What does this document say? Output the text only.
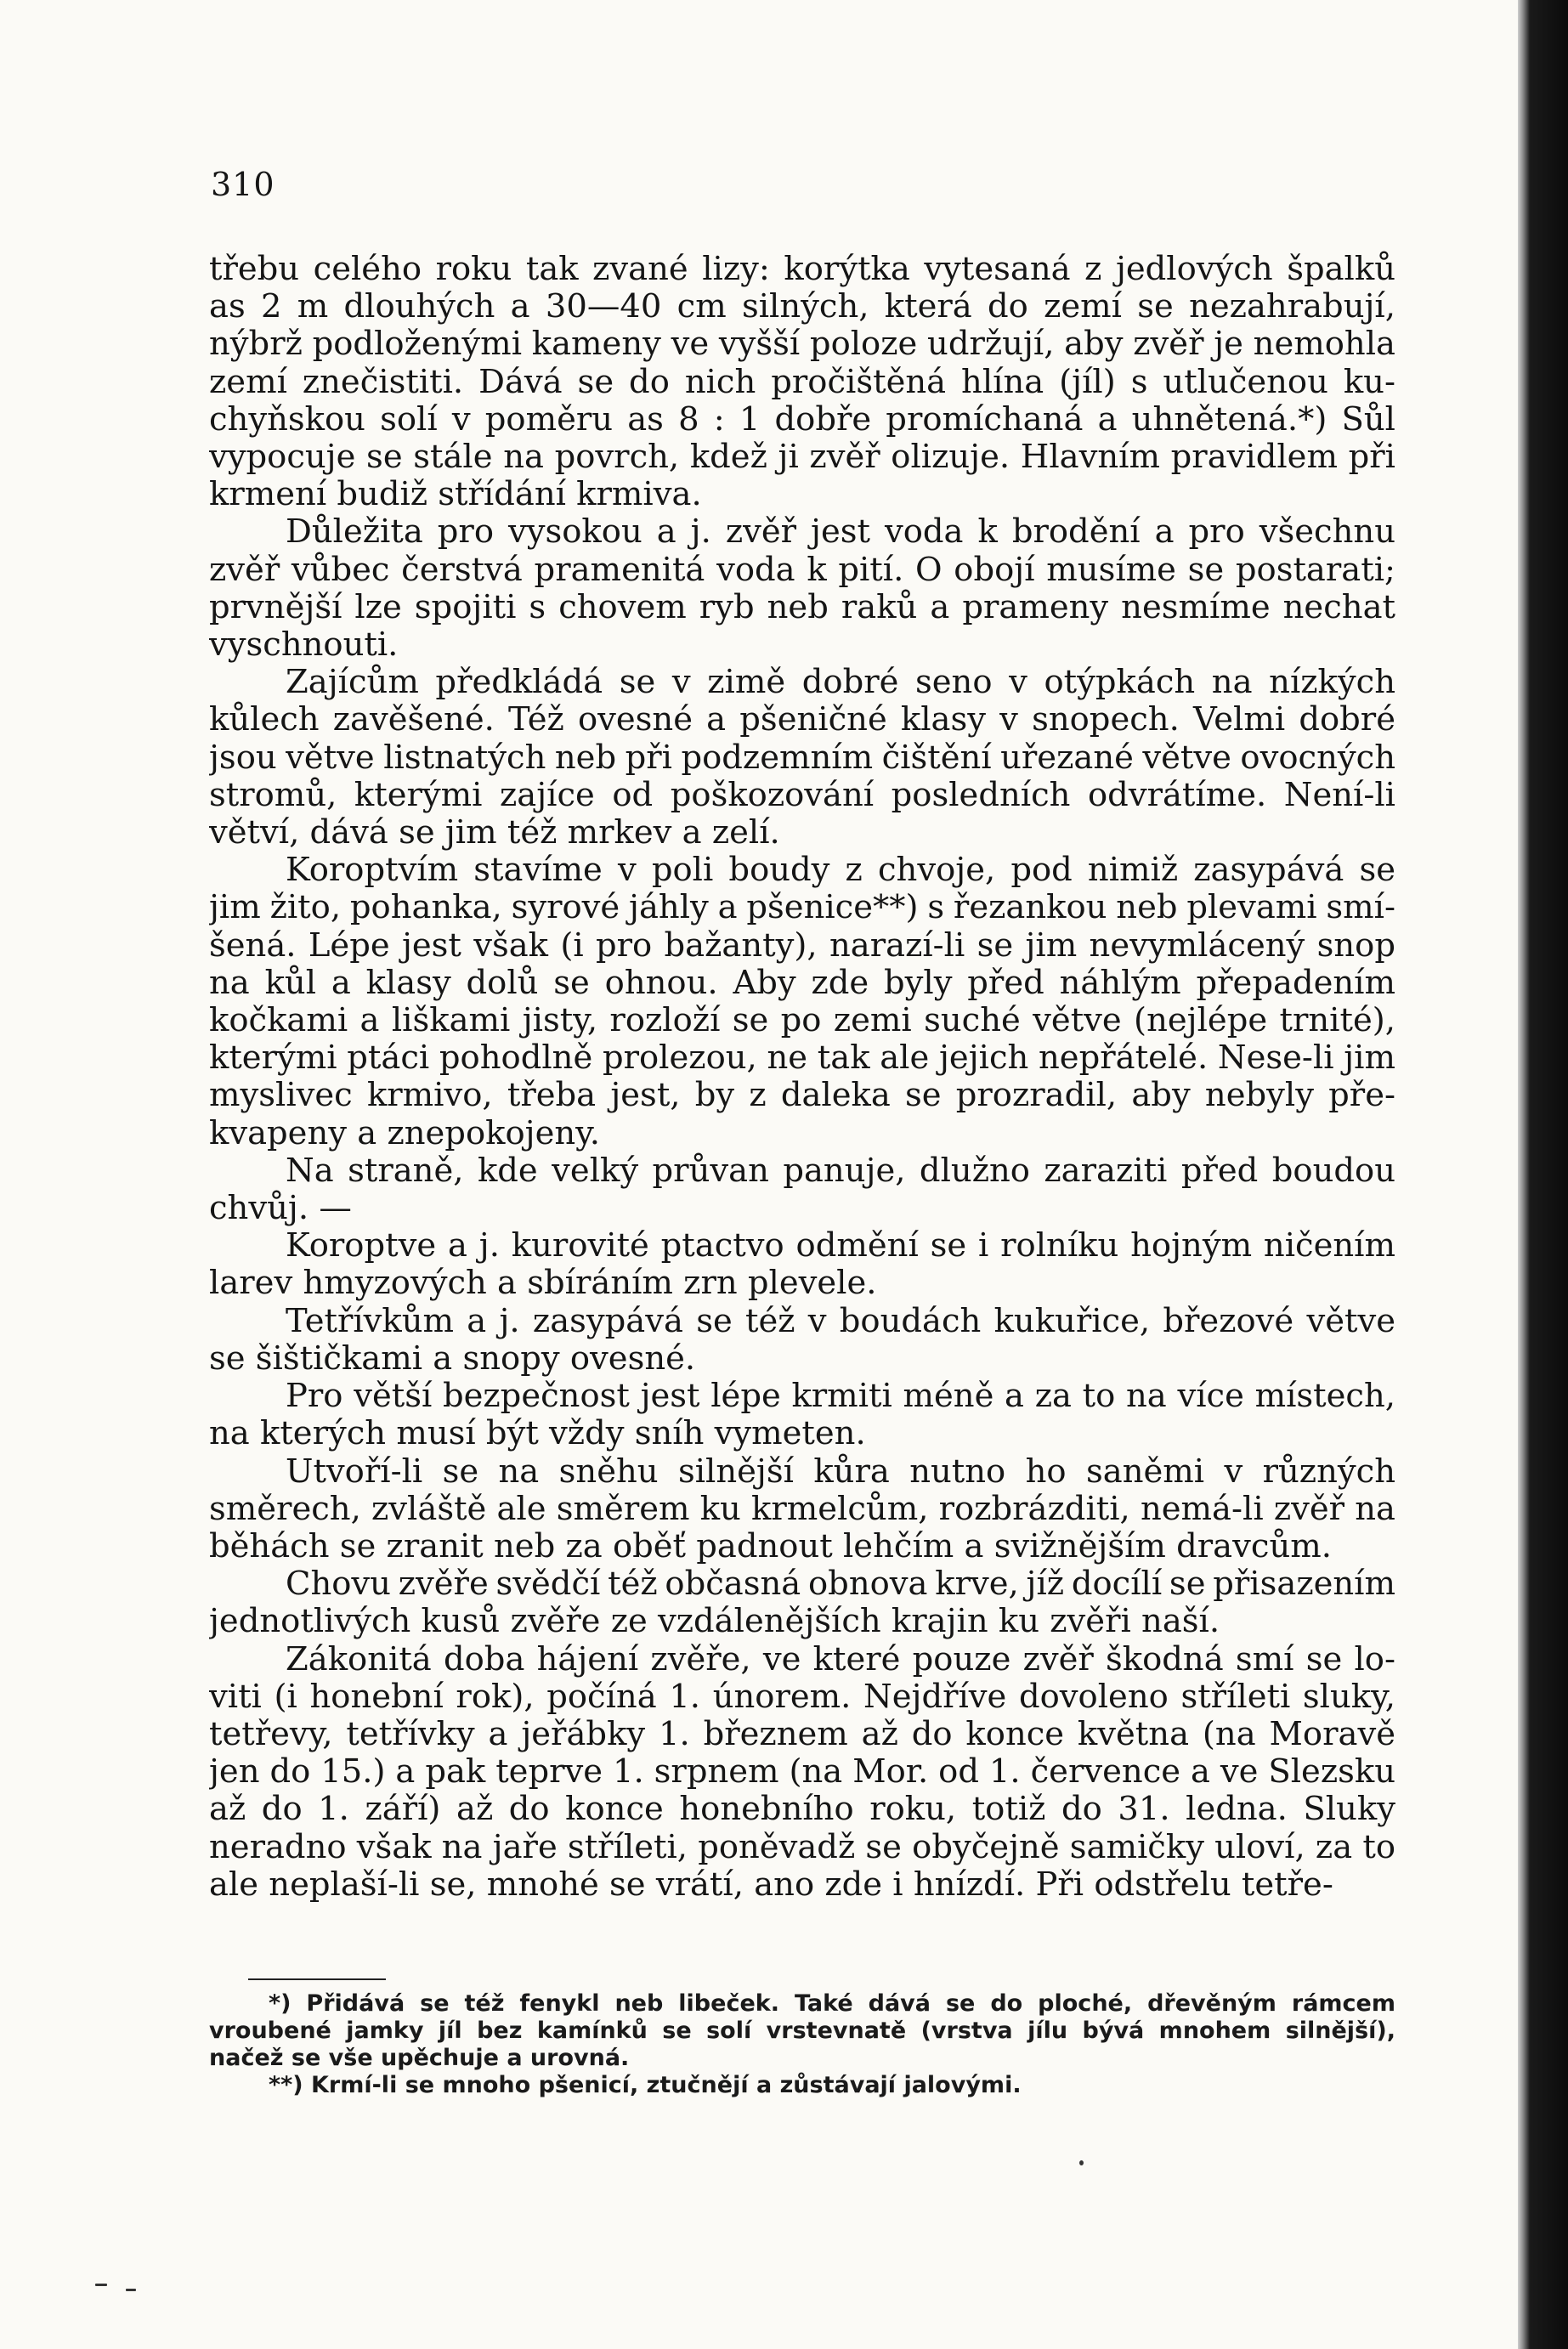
310
třebu celého roku tak zvané lizy: korýtka vytesaná z jedlových špalků
as 2 m dlouhých a 30—40 cm silných, která do zemí se nezahrabují,
nýbrž podloženými kameny ve vyšší poloze udržují, aby zvěř je nemohla
zemí znečistiti. Dává se do nich pročištěná hlína (jíl) s utlučenou ku-
chyňskou solí v poměru as 8 : 1 dobře promíchaná a uhnětená.*) Sůl
vypocuje se stále na povrch, kdež ji zvěř olizuje. Hlavním pravidlem při
krmení budiž střídání krmiva.
Důležita pro vysokou a j. zvěř jest voda k brodění a pro všechnu
zvěř vůbec čerstvá pramenitá voda k pití. O obojí musíme se postarati;
prvnější lze spojiti s chovem ryb neb raků a prameny nesmíme nechat
vyschnouti.
Zajícům předkládá se v zimě dobré seno v otýpkách na nízkých
kůlech zavěšené. Též ovesné a pšeničné klasy v snopech. Velmi dobré
jsou větve listnatých neb při podzemním čištění uřezané větve ovocných
stromů, kterými zajíce od poškozování posledních odvrátíme. Není-li
větví, dává se jim též mrkev a zelí.
Koroptvím stavíme v poli boudy z chvoje, pod nimiž zasypává se
jim žito, pohanka, syrové jáhly a pšenice**) s řezankou neb plevami smí-
šená. Lépe jest však (i pro bažanty), narazí-li se jim nevymlácený snop
na kůl a klasy dolů se ohnou. Aby zde byly před náhlým přepadením
kočkami a liškami jisty, rozloží se po zemi suché větve (nejlépe trnité),
kterými ptáci pohodlně prolezou, ne tak ale jejich nepřátelé. Nese-li jim
myslivec krmivo, třeba jest, by z daleka se prozradil, aby nebyly pře-
kvapeny a znepokojeny.
Na straně, kde velký průvan panuje, dlužno zaraziti před boudou
chvůj. —
Koroptve a j. kurovité ptactvo odmění se i rolníku hojným ničením
larev hmyzových a sbíráním zrn plevele.
Tetřívkům a j. zasypává se též v boudách kukuřice, březové větve
se šištičkami a snopy ovesné.
Pro větší bezpečnost jest lépe krmiti méně a za to na více místech,
na kterých musí být vždy sníh vymeten.
Utvoří-li se na sněhu silnější kůra nutno ho saněmi v různých
směrech, zvláště ale směrem ku krmelcům, rozbrázditi, nemá-li zvěř na
běhách se zranit neb za oběť padnout lehčím a svižnějším dravcům.
Chovu zvěře svědčí též občasná obnova krve, jíž docílí se přisazením
jednotlivých kusů zvěře ze vzdálenějších krajin ku zvěři naší.
Zákonitá doba hájení zvěře, ve které pouze zvěř škodná smí se lo-
viti (i honební rok), počíná 1. únorem. Nejdříve dovoleno stříleti sluky,
tetřevy, tetřívky a jeřábky 1. březnem až do konce května (na Moravě
jen do 15.) a pak teprve 1. srpnem (na Mor. od 1. července a ve Slezsku
až do 1. září) až do konce honebního roku, totiž do 31. ledna. Sluky
neradno však na jaře stříleti, poněvadž se obyčejně samičky uloví, za to
ale neplaší-li se, mnohé se vrátí, ano zde i hnízdí. Při odstřelu tetře-
*) Přidává se též fenykl neb libeček. Také dává se do ploché, dřevěným rámcem
vroubené jamky jíl bez kamínků se solí vrstevnatě (vrstva jílu bývá mnohem silnější),
načež se vše upěchuje a urovná.
**) Krmí-li se mnoho pšenicí, ztučnějí a zůstávají jalovými.
